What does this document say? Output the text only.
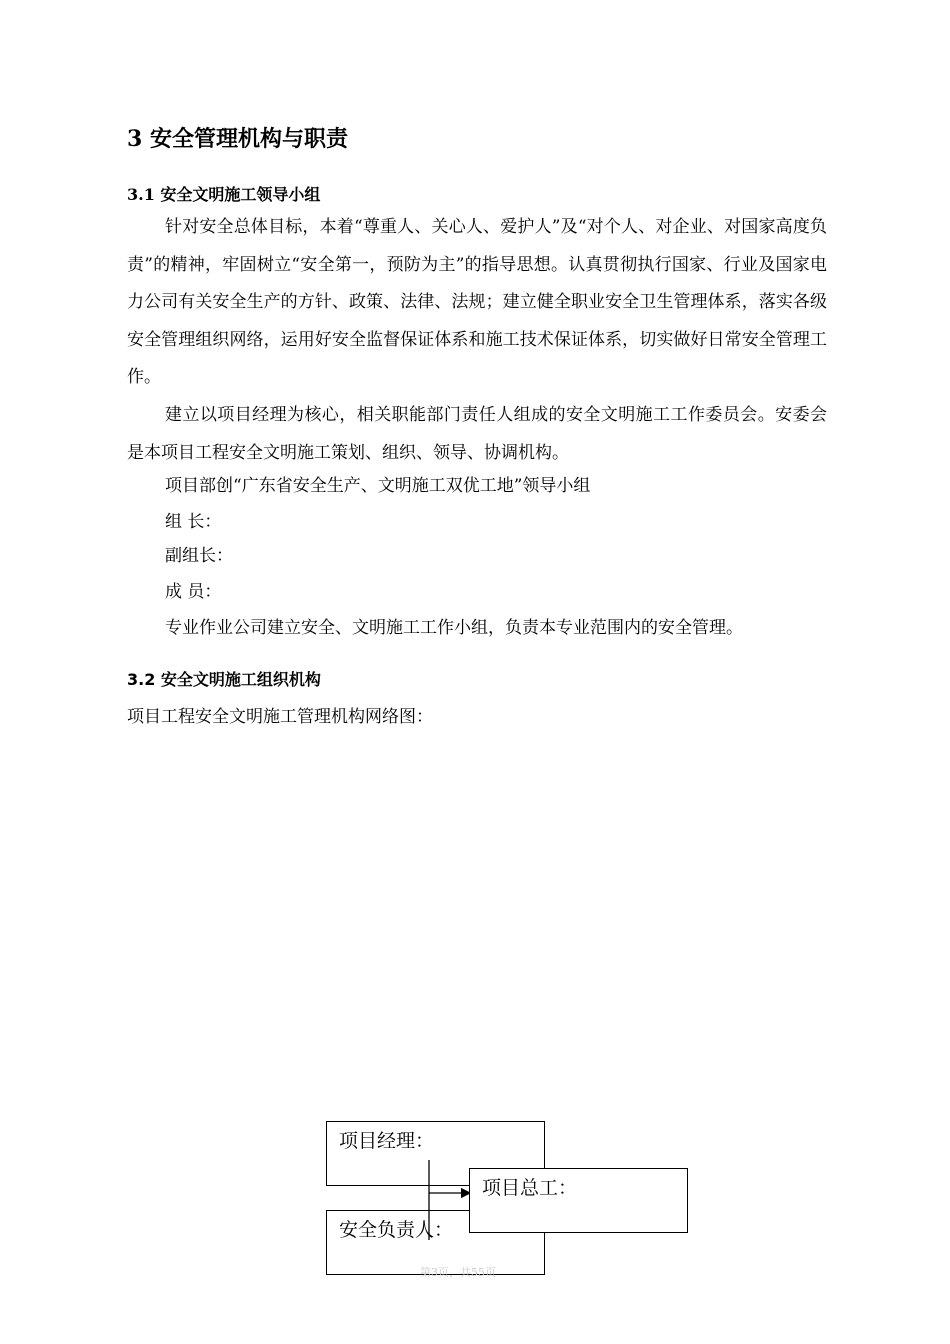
3 安全管理机构与职责
3.1 安全文明施工领导小组
针对安全总体目标，本着“尊重人、关心人、爱护人”及“对个人、对企业、对国家高度负责”的精神，牢固树立“安全第一，预防为主”的指导思想。认真贯彻执行国家、行业及国家电力公司有关安全生产的方针、政策、法律、法规；建立健全职业安全卫生管理体系，落实各级安全管理组织网络，运用好安全监督保证体系和施工技术保证体系，切实做好日常安全管理工作。
建立以项目经理为核心，相关职能部门责任人组成的安全文明施工工作委员会。安委会是本项目工程安全文明施工策划、组织、领导、协调机构。
项目部创“广东省安全生产、文明施工双优工地”领导小组
组 长：
副组长：
成 员：
专业作业公司建立安全、文明施工工作小组，负责本专业范围内的安全管理。
3.2 安全文明施工组织机构
项目工程安全文明施工管理机构网络图：
项目经理：
安全负责人：
项目总工：
第3页，共55页
